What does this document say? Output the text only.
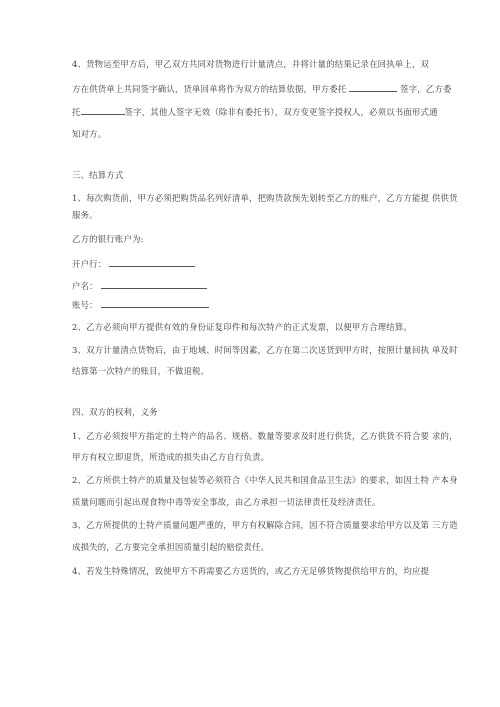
4、货物运至甲方后，甲乙双方共同对货物进行计量清点，并将计量的结果记录在回执单上，双
方在供货单上共同签字确认，货单回单将作为双方的结算依据，甲方委托	签字，乙方委
托	签字，其他人签字无效（除非有委托书），双方变更签字授权人，必须以书面形式通
知对方。
三、结算方式
1、每次购货前，甲方必须把购货品名列好清单，把购货款预先划转至乙方的账户，乙方方能提 供供货
服务。
乙方的银行账户为:
开户行：
户名：
账号：
2、乙方必须向甲方提供有效的身份证复印件和每次特产的正式发票，以便甲方合理结算。
3、双方计量清点货物后，由于地域、时间等因素，乙方在第二次送货到甲方时，按照计量回执 单及时
结算第一次特产的账目，不做退税。
四、双方的权利，义务
1、乙方必须按甲方指定的土特产的品名、规格、数量等要求及时进行供货，乙方供货不符合要 求的，
甲方有权立即退货，所造成的损失由乙方自行负责。
2、乙方所供土特产的质量及包装等必须符合《中华人民共和国食品卫生法》的要求，如因土特 产本身
质量问题而引起出现食物中毒等安全事故，由乙方承担一切法律责任及经济责任。
3、乙方所提供的土特产质量问题严重的，甲方有权解除合同，因不符合质量要求给甲方以及第 三方造
成损失的，乙方要完全承担因质量引起的赔偿责任。
4、若发生特殊情况，致使甲方不再需要乙方送货的，或乙方无足够货物提供给甲方的，均应提
